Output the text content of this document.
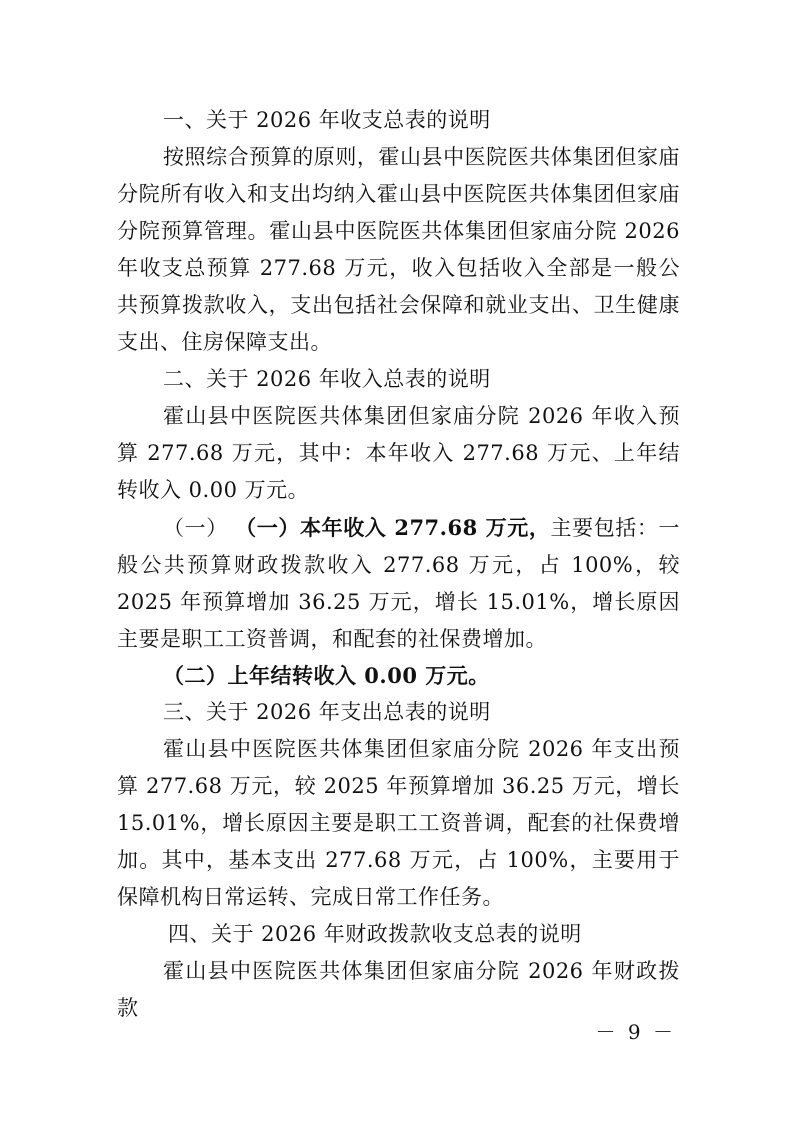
一、关于 2026 年收支总表的说明

按照综合预算的原则，霍山县中医院医共体集团但家庙分院所有收入和支出均纳入霍山县中医院医共体集团但家庙分院预算管理。霍山县中医院医共体集团但家庙分院 2026 年收支总预算 277.68 万元，收入包括收入全部是一般公共预算拨款收入，支出包括社会保障和就业支出、卫生健康支出、住房保障支出。

二、关于 2026 年收入总表的说明

霍山县中医院医共体集团但家庙分院 2026 年收入预算 277.68 万元，其中：本年收入 277.68 万元、上年结转收入 0.00 万元。

（一） （一）本年收入 277.68 万元，主要包括：一般公共预算财政拨款收入 277.68 万元，占 100%，较 2025 年预算增加 36.25 万元，增长 15.01%，增长原因主要是职工工资普调，和配套的社保费增加。

（二）上年结转收入 0.00 万元。

三、关于 2026 年支出总表的说明

霍山县中医院医共体集团但家庙分院 2026 年支出预算 277.68 万元，较 2025 年预算增加 36.25 万元，增长 15.01%，增长原因主要是职工工资普调，配套的社保费增加。其中，基本支出 277.68 万元，占 100%，主要用于保障机构日常运转、完成日常工作任务。

四、关于 2026 年财政拨款收支总表的说明

霍山县中医院医共体集团但家庙分院 2026 年财政拨款

－ 9 －
